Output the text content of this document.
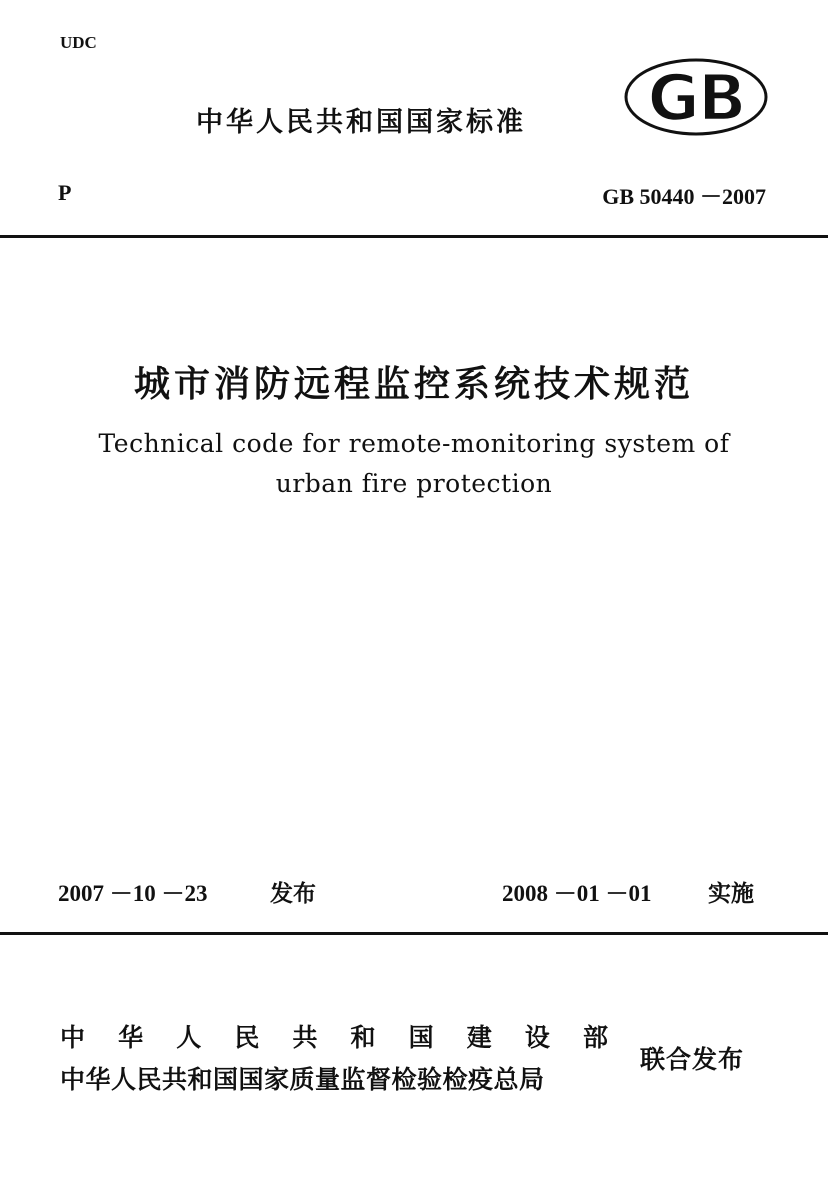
UDC
中华人民共和国国家标准 GB
P	GB 50440 －2007
城市消防远程监控系统技术规范
Technical code for remote-monitoring system of
urban fire protection
2007 －10 －23	发布	2008 －01 －01 实施
中 华 人 民 共 和 国 建 设 部
中华人民共和国国家质量监督检验检疫总局
联合发布
